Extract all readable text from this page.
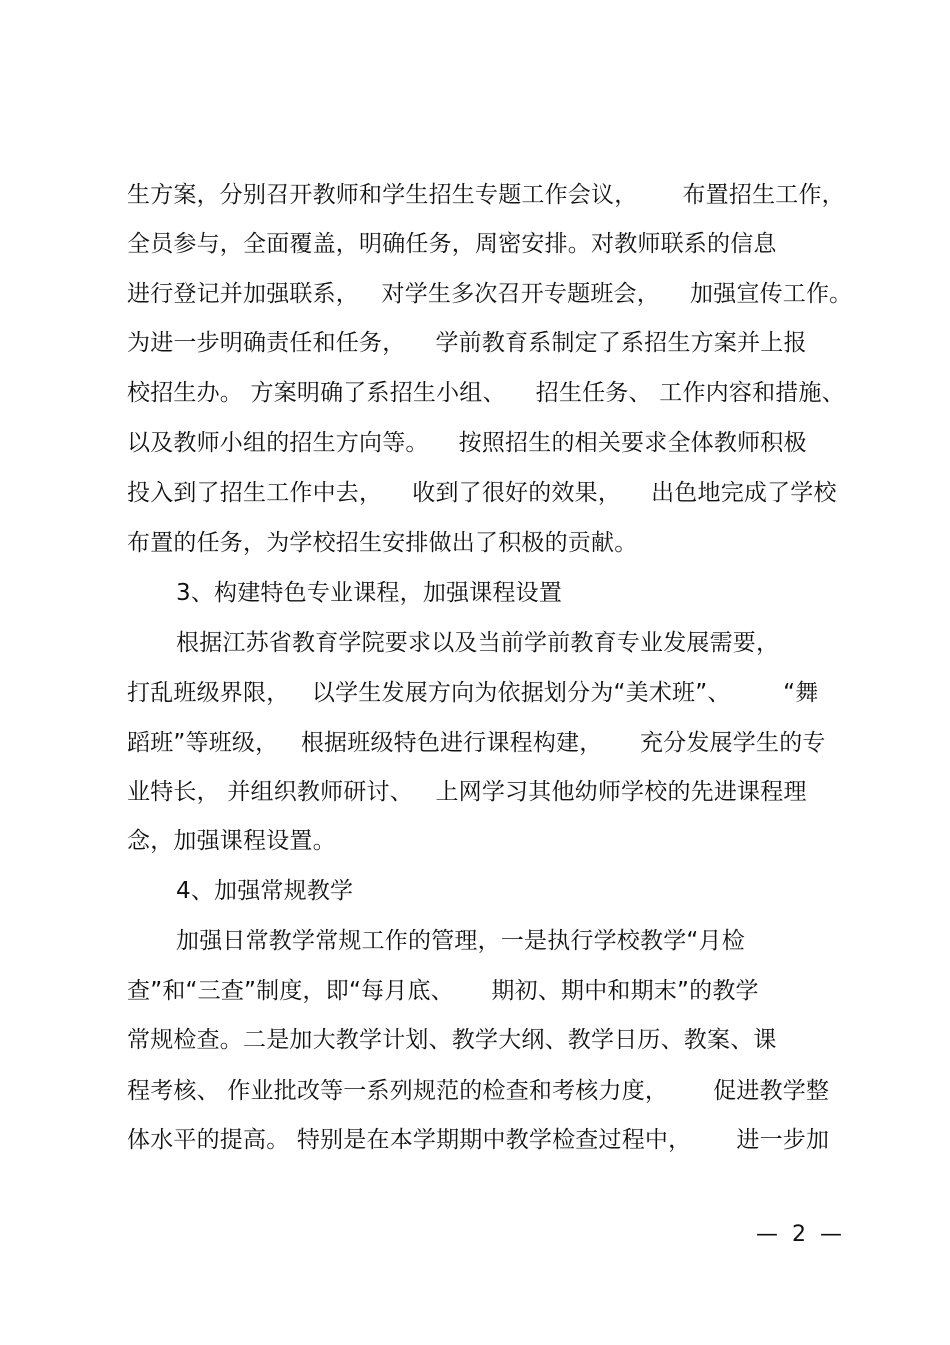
生方案，分别召开教师和学生招生专题工作会议，      布置招生工作，
全员参与，全面覆盖，明确任务，周密安排。对教师联系的信息
进行登记并加强联系，   对学生多次召开专题班会，    加强宣传工作。
为进一步明确责任和任务，    学前教育系制定了系招生方案并上报
校招生办。 方案明确了系招生小组、    招生任务、 工作内容和措施、
以及教师小组的招生方向等。    按照招生的相关要求全体教师积极
投入到了招生工作中去，    收到了很好的效果，    出色地完成了学校
布置的任务，为学校招生安排做出了积极的贡献。
3、构建特色专业课程，加强课程设置
根据江苏省教育学院要求以及当前学前教育专业发展需要，
打乱班级界限，   以学生发展方向为依据划分为“美术班”、       “舞
蹈班”等班级，   根据班级特色进行课程构建，     充分发展学生的专
业特长， 并组织教师研讨、   上网学习其他幼师学校的先进课程理
念，加强课程设置。
4、加强常规教学
加强日常教学常规工作的管理，一是执行学校教学“月检
查”和“三查”制度，即“每月底、     期初、期中和期末”的教学
常规检查。二是加大教学计划、教学大纲、教学日历、教案、课
程考核、 作业批改等一系列规范的检查和考核力度，      促进教学整
体水平的提高。 特别是在本学期期中教学检查过程中，      进一步加
—  2  —
